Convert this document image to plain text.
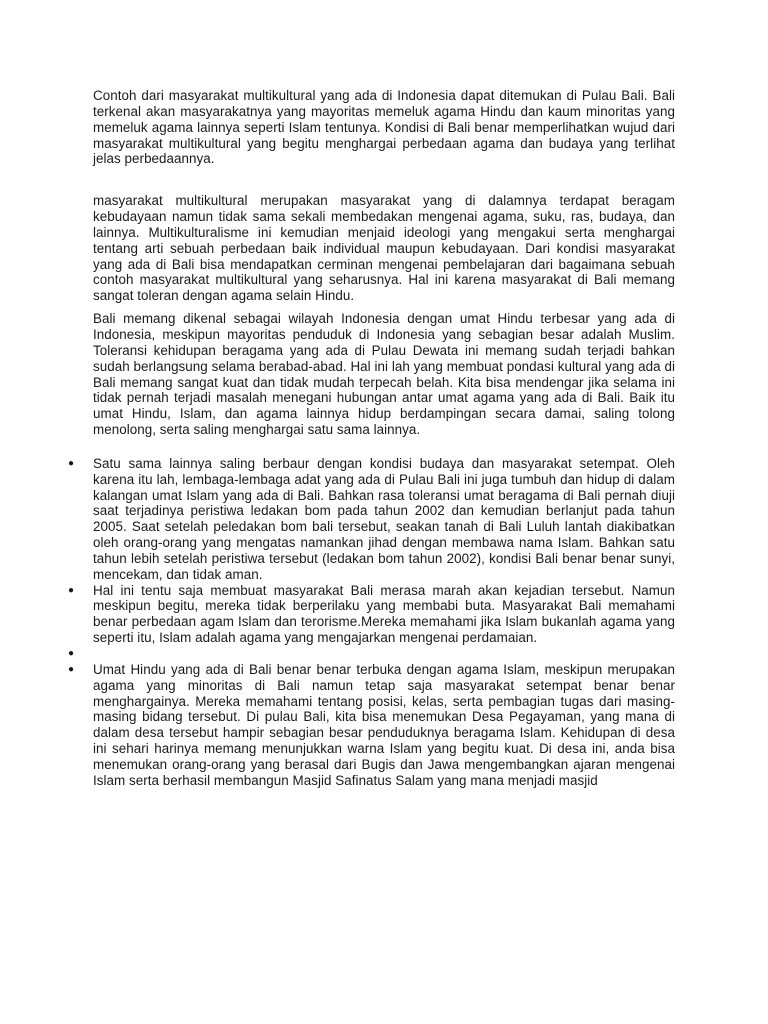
Contoh dari masyarakat multikultural yang ada di Indonesia dapat ditemukan di Pulau Bali. Bali terkenal akan masyarakatnya yang mayoritas memeluk agama Hindu dan kaum minoritas yang memeluk agama lainnya seperti Islam tentunya. Kondisi di Bali benar memperlihatkan wujud dari masyarakat multikultural yang begitu menghargai perbedaan agama dan budaya yang terlihat jelas perbedaannya.

masyarakat multikultural merupakan masyarakat yang di dalamnya terdapat beragam kebudayaan namun tidak sama sekali membedakan mengenai agama, suku, ras, budaya, dan lainnya. Multikulturalisme ini kemudian menjaid ideologi yang mengakui serta menghargai tentang arti sebuah perbedaan baik individual maupun kebudayaan. Dari kondisi masyarakat yang ada di Bali bisa mendapatkan cerminan mengenai pembelajaran dari bagaimana sebuah contoh masyarakat multikultural yang seharusnya. Hal ini karena masyarakat di Bali memang sangat toleran dengan agama selain Hindu.

Bali memang dikenal sebagai wilayah Indonesia dengan umat Hindu terbesar yang ada di Indonesia, meskipun mayoritas penduduk di Indonesia yang sebagian besar adalah Muslim. Toleransi kehidupan beragama yang ada di Pulau Dewata ini memang sudah terjadi bahkan sudah berlangsung selama berabad-abad. Hal ini lah yang membuat pondasi kultural yang ada di Bali memang sangat kuat dan tidak mudah terpecah belah. Kita bisa mendengar jika selama ini tidak pernah terjadi masalah menegani hubungan antar umat agama yang ada di Bali. Baik itu umat Hindu, Islam, dan agama lainnya hidup berdampingan secara damai, saling tolong menolong, serta saling menghargai satu sama lainnya.

● Satu sama lainnya saling berbaur dengan kondisi budaya dan masyarakat setempat. Oleh karena itu lah, lembaga-lembaga adat yang ada di Pulau Bali ini juga tumbuh dan hidup di dalam kalangan umat Islam yang ada di Bali. Bahkan rasa toleransi umat beragama di Bali pernah diuji saat terjadinya peristiwa ledakan bom pada tahun 2002 dan kemudian berlanjut pada tahun 2005. Saat setelah peledakan bom bali tersebut, seakan tanah di Bali Luluh lantah diakibatkan oleh orang-orang yang mengatas namankan jihad dengan membawa nama Islam. Bahkan satu tahun lebih setelah peristiwa tersebut (ledakan bom tahun 2002), kondisi Bali benar benar sunyi, mencekam, dan tidak aman.
● Hal ini tentu saja membuat masyarakat Bali merasa marah akan kejadian tersebut. Namun meskipun begitu, mereka tidak berperilaku yang membabi buta. Masyarakat Bali memahami benar perbedaan agam Islam dan terorisme.Mereka memahami jika Islam bukanlah agama yang seperti itu, Islam adalah agama yang mengajarkan mengenai perdamaian.
●
● Umat Hindu yang ada di Bali benar benar terbuka dengan agama Islam, meskipun merupakan agama yang minoritas di Bali namun tetap saja masyarakat setempat benar benar menghargainya. Mereka memahami tentang posisi, kelas, serta pembagian tugas dari masing-masing bidang tersebut. Di pulau Bali, kita bisa menemukan Desa Pegayaman, yang mana di dalam desa tersebut hampir sebagian besar penduduknya beragama Islam. Kehidupan di desa ini sehari harinya memang menunjukkan warna Islam yang begitu kuat. Di desa ini, anda bisa menemukan orang-orang yang berasal dari Bugis dan Jawa mengembangkan ajaran mengenai Islam serta berhasil membangun Masjid Safinatus Salam yang mana menjadi masjid
